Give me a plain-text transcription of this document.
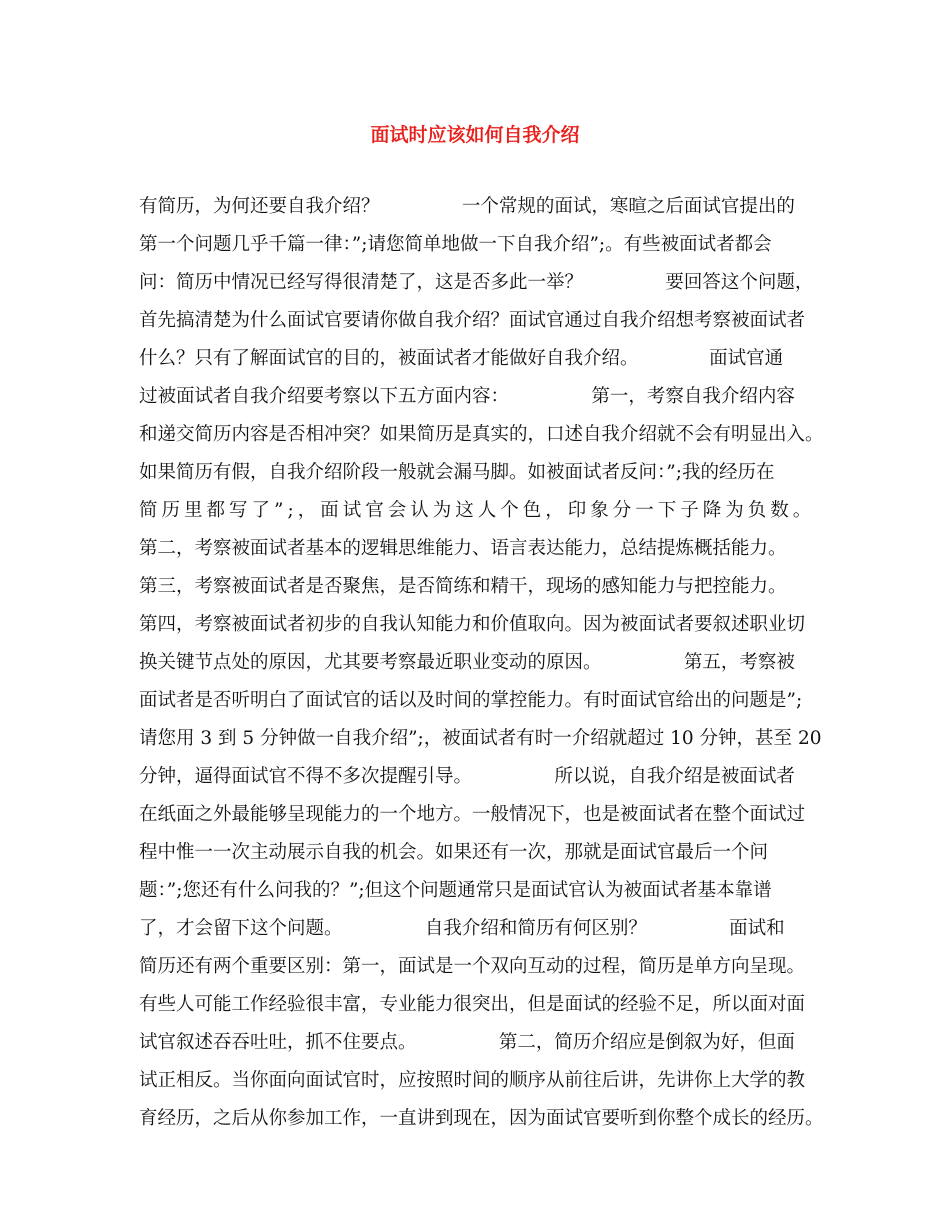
面试时应该如何自我介绍
有简历，为何还要自我介绍？              一个常规的面试，寒暄之后面试官提出的
第一个问题几乎千篇一律：”;请您简单地做一下自我介绍”;。有些被面试者都会
问：简历中情况已经写得很清楚了，这是否多此一举？              要回答这个问题，
首先搞清楚为什么面试官要请你做自我介绍？面试官通过自我介绍想考察被面试者
什么？只有了解面试官的目的，被面试者才能做好自我介绍。            面试官通
过被面试者自我介绍要考察以下五方面内容：              第一，考察自我介绍内容
和递交简历内容是否相冲突？如果简历是真实的，口述自我介绍就不会有明显出入。
如果简历有假，自我介绍阶段一般就会漏马脚。如被面试者反问：”;我的经历在
简历里都写了”;，面试官会认为这人个色，印象分一下子降为负数。
第二，考察被面试者基本的逻辑思维能力、语言表达能力，总结提炼概括能力。
第三，考察被面试者是否聚焦，是否简练和精干，现场的感知能力与把控能力。
第四，考察被面试者初步的自我认知能力和价值取向。因为被面试者要叙述职业切
换关键节点处的原因，尤其要考察最近职业变动的原因。              第五，考察被
面试者是否听明白了面试官的话以及时间的掌控能力。有时面试官给出的问题是”;
请您用 3 到 5 分钟做一自我介绍”;，被面试者有时一介绍就超过 10 分钟，甚至 20
分钟，逼得面试官不得不多次提醒引导。              所以说，自我介绍是被面试者
在纸面之外最能够呈现能力的一个地方。一般情况下，也是被面试者在整个面试过
程中惟一一次主动展示自我的机会。如果还有一次，那就是面试官最后一个问
题：”;您还有什么问我的？”;但这个问题通常只是面试官认为被面试者基本靠谱
了，才会留下这个问题。              自我介绍和简历有何区别？              面试和
简历还有两个重要区别：第一，面试是一个双向互动的过程，简历是单方向呈现。
有些人可能工作经验很丰富，专业能力很突出，但是面试的经验不足，所以面对面
试官叙述吞吞吐吐，抓不住要点。              第二，简历介绍应是倒叙为好，但面
试正相反。当你面向面试官时，应按照时间的顺序从前往后讲，先讲你上大学的教
育经历，之后从你参加工作，一直讲到现在，因为面试官要听到你整个成长的经历。
